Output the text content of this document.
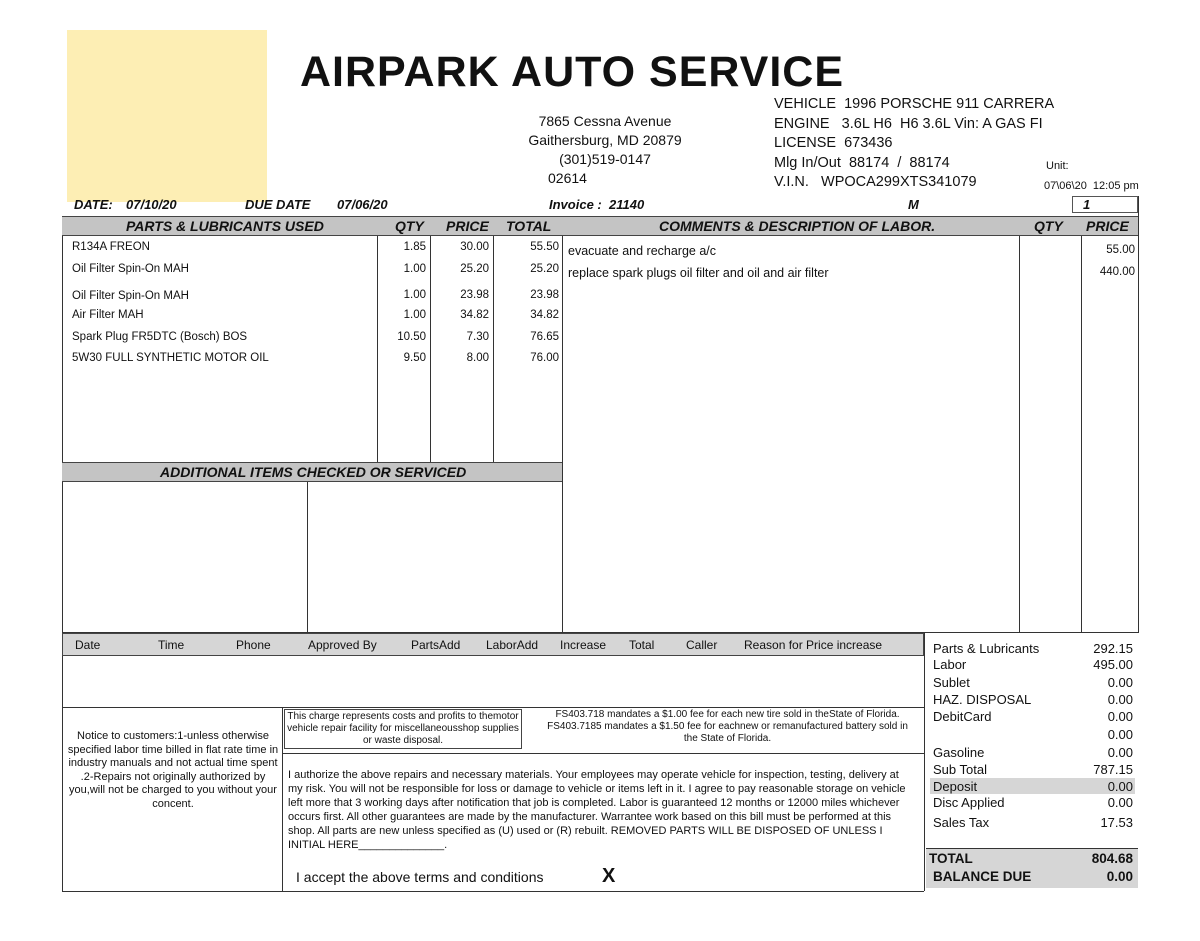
AIRPARK AUTO SERVICE
7865 Cessna Avenue
Gaithersburg, MD 20879
(301)519-0147
02614
VEHICLE  1996 PORSCHE 911 CARRERA
ENGINE   3.6L H6  H6 3.6L Vin: A GAS FI
LICENSE  673436
Mlg In/Out  88174  /  88174
V.I.N.   WPOCA299XTS341079
Unit:
07\06\20  12:05 pm
DATE: 07/10/20	DUE DATE 07/06/20	Invoice : 21140	M	1
PARTS & LUBRICANTS USED	QTY PRICE TOTAL	COMMENTS & DESCRIPTION OF LABOR.	QTY PRICE
R134A FREON	1.85	30.00	55.50
Oil Filter Spin-On MAH	1.00	25.20	25.20
Oil Filter Spin-On MAH	1.00	23.98	23.98
Air Filter MAH	1.00	34.82	34.82
Spark Plug FR5DTC (Bosch) BOS	10.50	7.30	76.65
5W30 FULL SYNTHETIC MOTOR OIL	9.50	8.00	76.00
evacuate and recharge a/c	55.00
replace spark plugs oil filter and oil and air filter	440.00
ADDITIONAL ITEMS CHECKED OR SERVICED
Date	Time	Phone	Approved By	PartsAdd LaborAdd Increase Total	Caller Reason for Price increase
Notice to customers:1-unless otherwise specified labor time billed in flat rate time in industry manuals and not actual time spent .2-Repairs not originally authorized by you,will not be charged to you without your concent.
This charge represents costs and profits to themotor vehicle repair facility for miscellaneousshop supplies or waste disposal.
FS403.718 mandates a $1.00 fee for each new tire sold in theState of Florida. FS403.7185 mandates a $1.50 fee for eachnew or remanufactured battery sold in the State of Florida.
I authorize the above repairs and necessary materials. Your employees may operate vehicle for inspection, testing, delivery at my risk. You will not be responsible for loss or damage to vehicle or items left in it. I agree to pay reasonable storage on vehicle left more that 3 working days after notification that job is completed. Labor is guaranteed 12 months or 12000 miles whichever occurs first. All other guarantees are made by the manufacturer. Warrantee work based on this bill must be performed at this shop. All parts are new unless specified as (U) used or (R) rebuilt. REMOVED PARTS WILL BE DISPOSED OF UNLESS I INITIAL HERE______________.
I accept the above terms and conditions	X
Parts & Lubricants	292.15
Labor	495.00
Sublet	0.00
HAZ. DISPOSAL	0.00
DebitCard	0.00
0.00
Gasoline	0.00
Sub Total	787.15
Deposit	0.00
Disc Applied	0.00
Sales Tax	17.53
TOTAL	804.68
BALANCE DUE	0.00
